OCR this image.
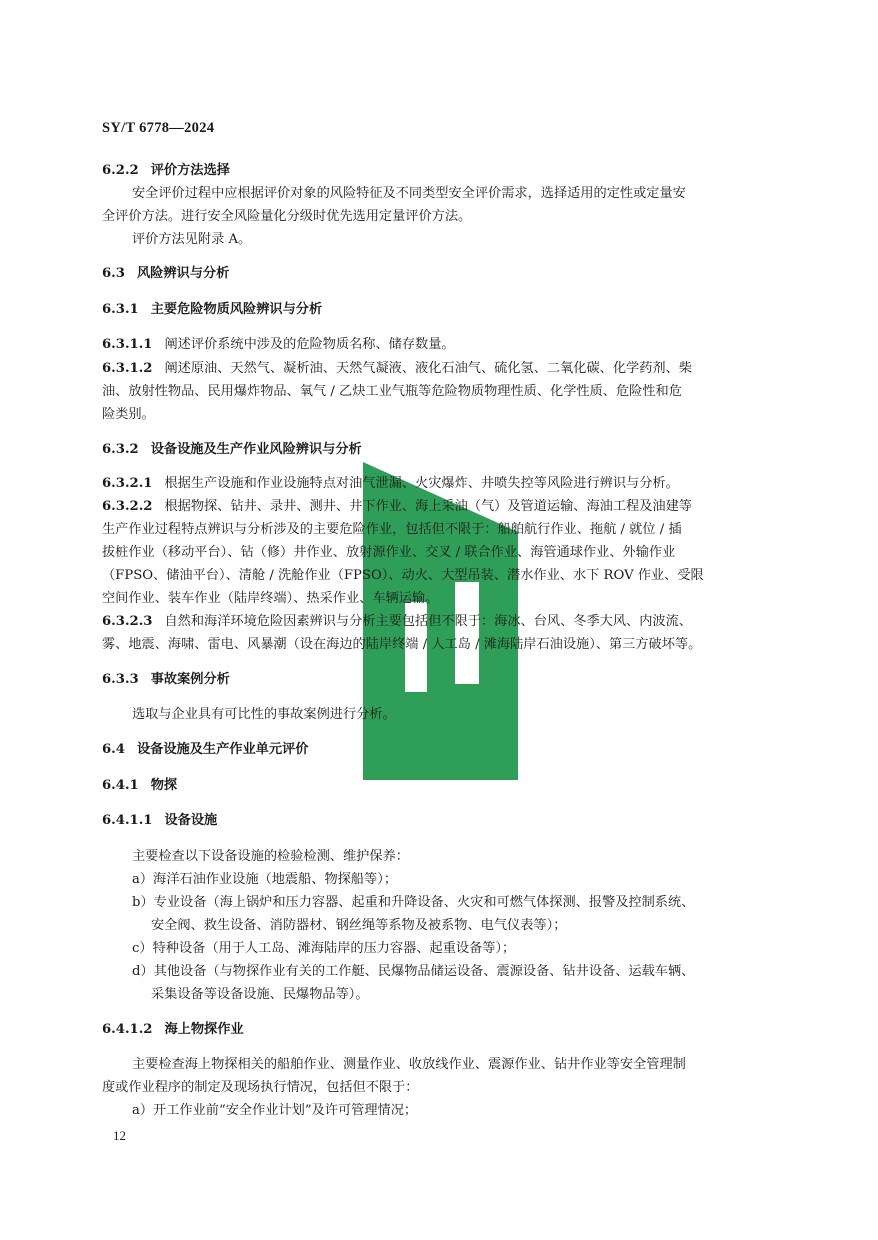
SY/T 6778—2024
6.2.2 评价方法选择
安全评价过程中应根据评价对象的风险特征及不同类型安全评价需求，选择适用的定性或定量安
全评价方法。进行安全风险量化分级时优先选用定量评价方法。
评价方法见附录 A。
6.3 风险辨识与分析
6.3.1 主要危险物质风险辨识与分析
6.3.1.1 阐述评价系统中涉及的危险物质名称、储存数量。
6.3.1.2 阐述原油、天然气、凝析油、天然气凝液、液化石油气、硫化氢、二氧化碳、化学药剂、柴
油、放射性物品、民用爆炸物品、氧气 / 乙炔工业气瓶等危险物质物理性质、化学性质、危险性和危
险类别。
6.3.2 设备设施及生产作业风险辨识与分析
6.3.2.1 根据生产设施和作业设施特点对油气泄漏、火灾爆炸、井喷失控等风险进行辨识与分析。
6.3.2.2 根据物探、钻井、录井、测井、井下作业、海上采油（气）及管道运输、海油工程及油建等
生产作业过程特点辨识与分析涉及的主要危险作业，包括但不限于：船舶航行作业、拖航 / 就位 / 插
拔桩作业（移动平台）、钻（修）井作业、放射源作业、交叉 / 联合作业、海管通球作业、外输作业
（FPSO、储油平台）、清舱 / 洗舱作业（FPSO）、动火、大型吊装、潜水作业、水下 ROV 作业、受限
空间作业、装车作业（陆岸终端）、热采作业、车辆运输。
6.3.2.3 自然和海洋环境危险因素辨识与分析主要包括但不限于：海冰、台风、冬季大风、内波流、
雾、地震、海啸、雷电、风暴潮（设在海边的陆岸终端 / 人工岛 / 滩海陆岸石油设施）、第三方破坏等。
6.3.3 事故案例分析
选取与企业具有可比性的事故案例进行分析。
6.4 设备设施及生产作业单元评价
6.4.1 物探
6.4.1.1 设备设施
主要检查以下设备设施的检验检测、维护保养：
a）海洋石油作业设施（地震船、物探船等）；
b）专业设备（海上锅炉和压力容器、起重和升降设备、火灾和可燃气体探测、报警及控制系统、
安全阀、救生设备、消防器材、钢丝绳等系物及被系物、电气仪表等）；
c）特种设备（用于人工岛、滩海陆岸的压力容器、起重设备等）；
d）其他设备（与物探作业有关的工作艇、民爆物品储运设备、震源设备、钻井设备、运载车辆、
采集设备等设备设施、民爆物品等）。
6.4.1.2 海上物探作业
主要检查海上物探相关的船舶作业、测量作业、收放线作业、震源作业、钻井作业等安全管理制
度或作业程序的制定及现场执行情况，包括但不限于：
a）开工作业前“安全作业计划”及许可管理情况；
12
